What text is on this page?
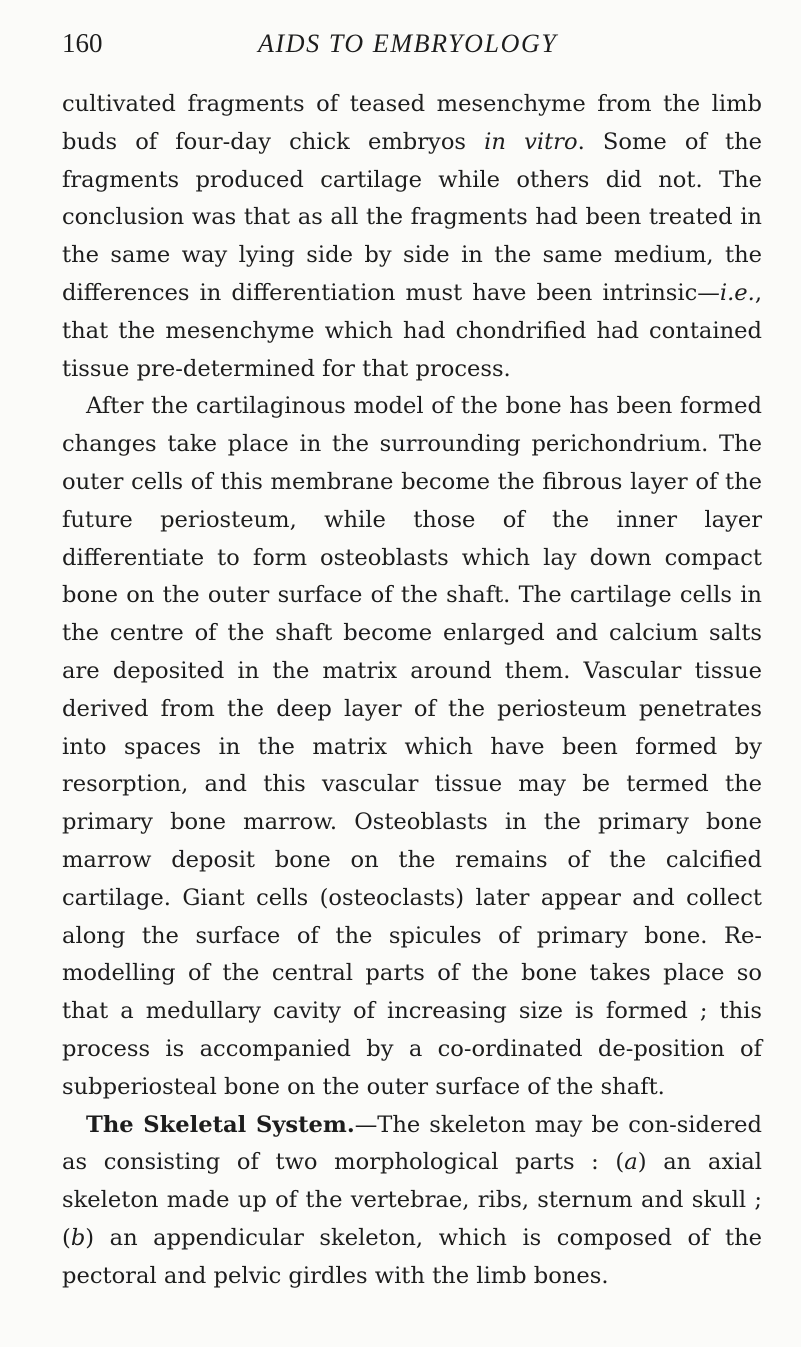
160	AIDS TO EMBRYOLOGY

cultivated fragments of teased mesenchyme from the limb buds of four-day chick embryos in vitro. Some of the fragments produced cartilage while others did not. The conclusion was that as all the fragments had been treated in the same way lying side by side in the same medium, the differences in differentiation must have been intrinsic—i.e., that the mesenchyme which had chondrified had contained tissue pre-determined for that process.

After the cartilaginous model of the bone has been formed changes take place in the surrounding perichondrium. The outer cells of this membrane become the fibrous layer of the future periosteum, while those of the inner layer differentiate to form osteoblasts which lay down compact bone on the outer surface of the shaft. The cartilage cells in the centre of the shaft become enlarged and calcium salts are deposited in the matrix around them. Vascular tissue derived from the deep layer of the periosteum penetrates into spaces in the matrix which have been formed by resorption, and this vascular tissue may be termed the primary bone marrow. Osteoblasts in the primary bone marrow deposit bone on the remains of the calcified cartilage. Giant cells (osteoclasts) later appear and collect along the surface of the spicules of primary bone. Re-modelling of the central parts of the bone takes place so that a medullary cavity of increasing size is formed ; this process is accompanied by a co-ordinated de-position of subperiosteal bone on the outer surface of the shaft.

The Skeletal System.—The skeleton may be con-sidered as consisting of two morphological parts : (a) an axial skeleton made up of the vertebrae, ribs, sternum and skull ; (b) an appendicular skeleton, which is composed of the pectoral and pelvic girdles with the limb bones.
